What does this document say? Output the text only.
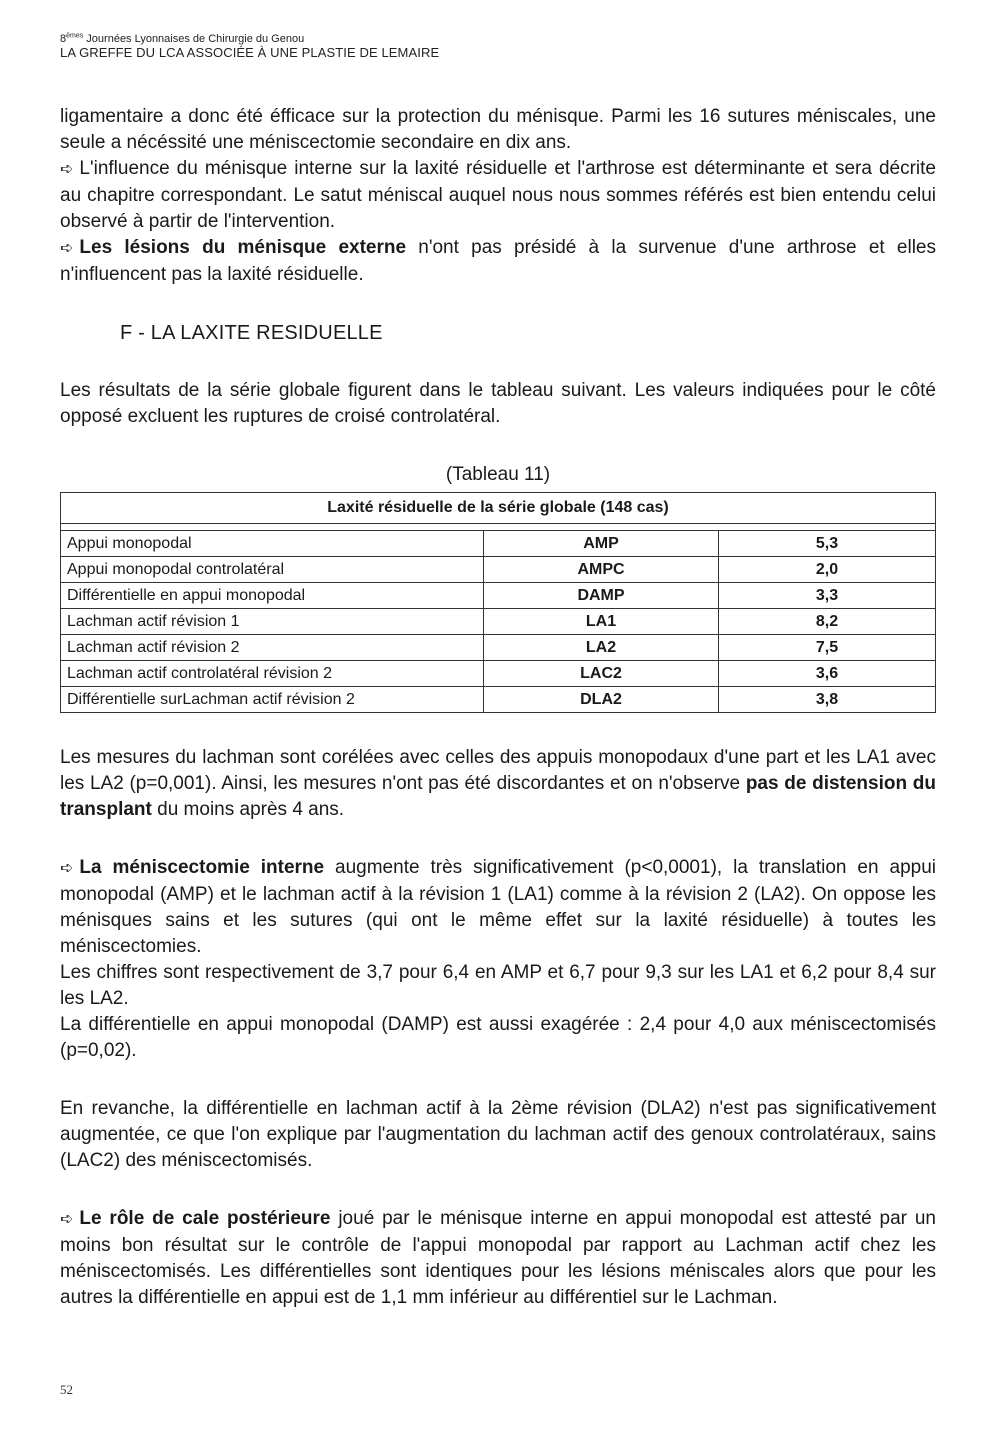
8èmes Journées Lyonnaises de Chirurgie du Genou
LA GREFFE DU LCA ASSOCIÉE À UNE PLASTIE DE LEMAIRE

ligamentaire a donc été éfficace sur la protection du ménisque. Parmi les 16 sutures méniscales, une seule a nécéssité une méniscectomie secondaire en dix ans.

➪ L'influence du ménisque interne sur la laxité résiduelle et l'arthrose est déterminante et sera décrite au chapitre correspondant. Le satut méniscal auquel nous nous sommes référés est bien entendu celui observé à partir de l'intervention.

➪ Les lésions du ménisque externe n'ont pas présidé à la survenue d'une arthrose et elles n'influencent pas la laxité résiduelle.

F - LA LAXITE RESIDUELLE

Les résultats de la série globale figurent dans le tableau suivant. Les valeurs indiquées pour le côté opposé excluent les ruptures de croisé controlatéral.

(Tableau 11)
Laxité résiduelle de la série globale (148 cas)		

Appui monopodal	AMP	5,3
Appui monopodal controlatéral	AMPC	2,0
Différentielle en appui monopodal	DAMP	3,3
Lachman actif révision 1	LA1	8,2
Lachman actif révision 2	LA2	7,5
Lachman actif controlatéral révision 2	LAC2	3,6
Différentielle surLachman actif révision 2	DLA2	3,8

Les mesures du lachman sont corélées avec celles des appuis monopodaux d'une part et les LA1 avec les LA2 (p=0,001). Ainsi, les mesures n'ont pas été discordantes et on n'observe pas de distension du transplant du moins après 4 ans.

➪ La méniscectomie interne augmente très significativement (p<0,0001), la translation en appui monopodal (AMP) et le lachman actif à la révision 1 (LA1) comme à la révision 2 (LA2). On oppose les ménisques sains et les sutures (qui ont le même effet sur la laxité résiduelle) à toutes les méniscectomies.

Les chiffres sont respectivement de 3,7 pour 6,4 en AMP et 6,7 pour 9,3 sur les LA1 et 6,2 pour 8,4 sur les LA2.

La différentielle en appui monopodal (DAMP) est aussi exagérée : 2,4 pour 4,0 aux méniscectomisés (p=0,02).

En revanche, la différentielle en lachman actif à la 2ème révision (DLA2) n'est pas significativement augmentée, ce que l'on explique par l'augmentation du lachman actif des genoux controlatéraux, sains (LAC2) des méniscectomisés.

➪ Le rôle de cale postérieure joué par le ménisque interne en appui monopodal est attesté par un moins bon résultat sur le contrôle de l'appui monopodal par rapport au Lachman actif chez les méniscectomisés. Les différentielles sont identiques pour les lésions méniscales alors que pour les autres la différentielle en appui est de 1,1 mm inférieur au différentiel sur le Lachman.

52
